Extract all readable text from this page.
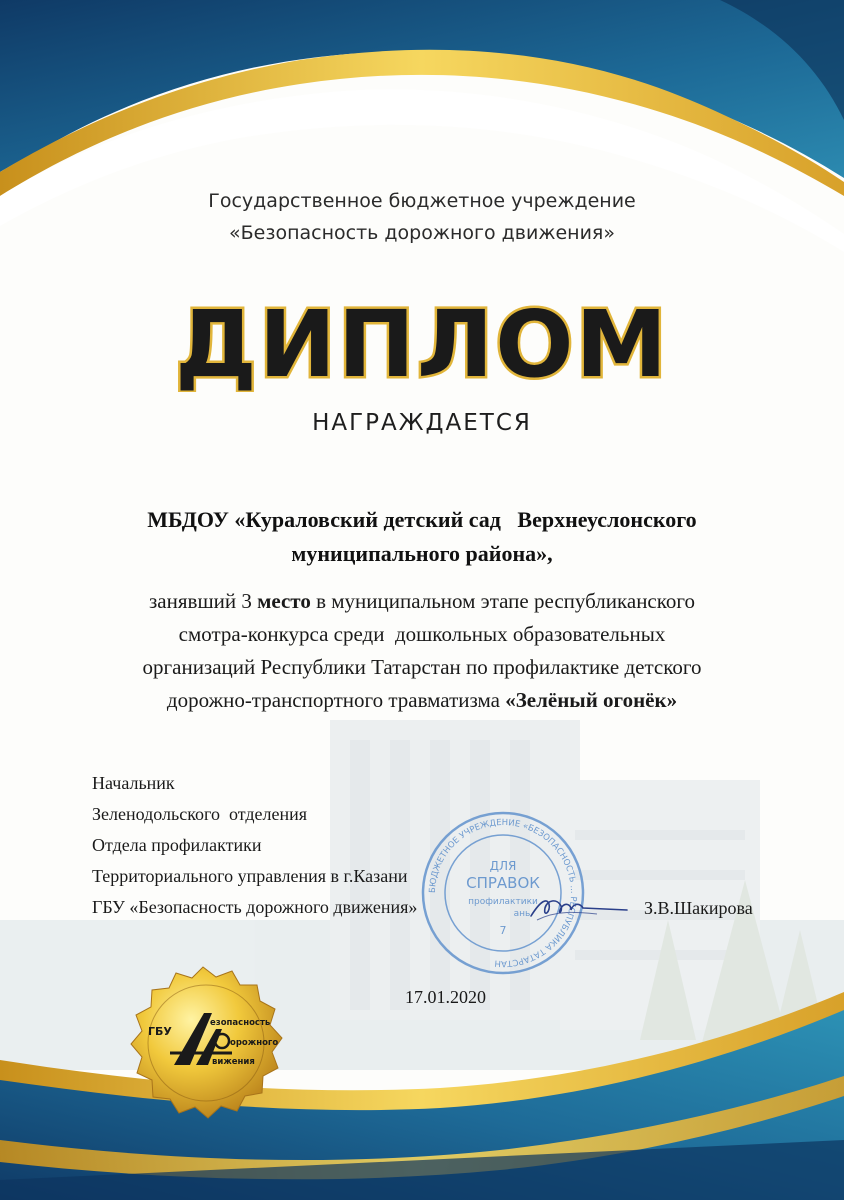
Государственное бюджетное учреждение
«Безопасность дорожного движения»
ДИПЛОМ
НАГРАЖДАЕТСЯ
МБДОУ «Кураловский детский сад   Верхнеуслонского
муниципального района»,
занявший 3 место в муниципальном этапе республиканского
смотра-конкурса среди  дошкольных образовательных
организаций Республики Татарстан по профилактике детского
дорожно-транспортного травматизма «Зелёный огонёк»
БЮДЖЕТНОЕ УЧРЕЖДЕНИЕ «БЕЗОПАСНОСТЬ ... РЕСПУБЛИКА ТАТАРСТАН
ДЛЯ
СПРАВОК
профилактики
ань
7
Начальник
Зеленодольского  отделения
Отдела профилактики
Территориального управления в г.Казани
ГБУ «Безопасность дорожного движения»	З.В.Шакирова
17.01.2020
ГБУ
езопасность
орожного
вижения
